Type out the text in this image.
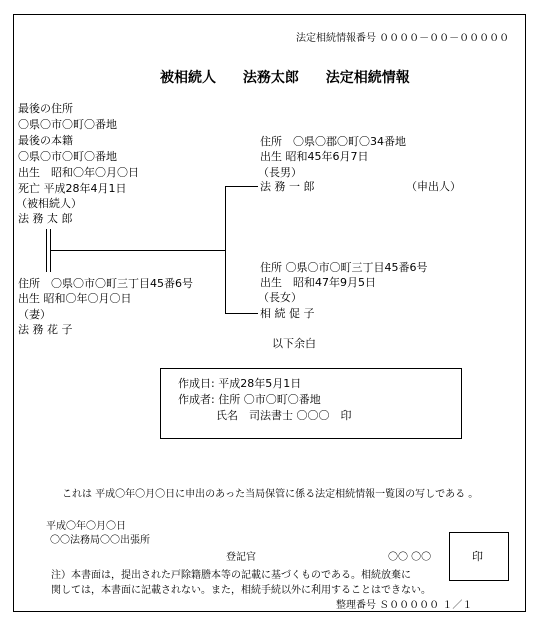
法定相続情報番号 ００００－００－０００００
被相続人 法務太郎 法定相続情報
最後の住所
〇県〇市〇町〇番地
最後の本籍
〇県〇市〇町〇番地
出生　昭和〇年〇月〇日
死亡 平成28年4月1日
（被相続人）
法 務 太 郎
住所　〇県〇市〇町三丁目45番6号
出生 昭和〇年〇月〇日
（妻）
法 務 花 子
住所　〇県〇郡〇町〇34番地
出生 昭和45年6月7日
（長男）
法 務 一 郎	（申出人）
住所 〇県〇市〇町三丁目45番6号
出生　昭和47年9月5日
（長女）
相 続 促 子
以下余白
作成日: 平成28年5月1日
作成者: 住所 〇市〇町〇番地
氏名　司法書士 〇〇〇　印
これは 平成〇年〇月〇日に申出のあった当局保管に係る法定相続情報一覧図の写しである 。
平成〇年〇月〇日
〇〇法務局〇〇出張所
登記官	〇〇 〇〇	印
注）本書面は，提出された戸除籍謄本等の記載に基づくものである。相続放棄に
関しては，本書面に記載されない。また，相続手続以外に利用することはできない。
整理番号 Ｓ０００００ １／１
